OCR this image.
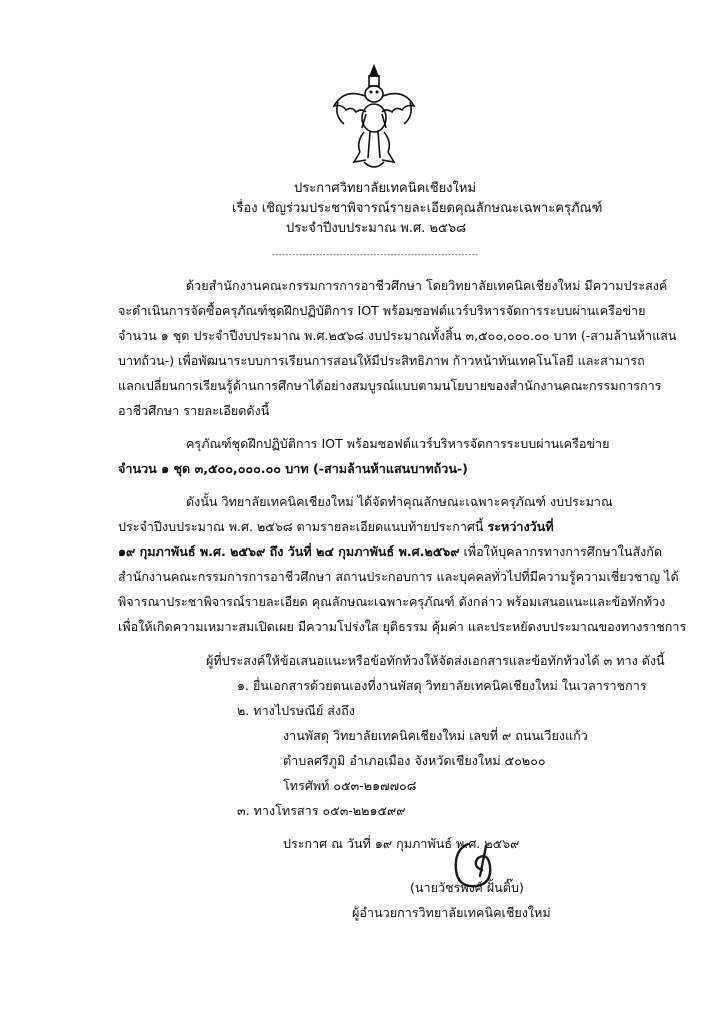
ประกาศวิทยาลัยเทคนิคเชียงใหม่
เรื่อง เชิญร่วมประชาพิจารณ์รายละเอียดคุณลักษณะเฉพาะครุภัณฑ์
ประจำปีงบประมาณ พ.ศ. ๒๕๖๘
-------------------------------------------------------------
ด้วยสำนักงานคณะกรรมการการอาชีวศึกษา โดยวิทยาลัยเทคนิคเชียงใหม่ มีความประสงค์
จะดำเนินการจัดซื้อครุภัณฑ์ชุดฝึกปฏิบัติการ IOT พร้อมซอฟต์แวร์บริหารจัดการระบบผ่านเครือข่าย
จำนวน ๑ ชุด ประจำปีงบประมาณ พ.ศ.๒๕๖๘ งบประมาณทั้งสิ้น ๓,๕๐๐,๐๐๐.๐๐ บาท (-สามล้านห้าแสน
บาทถ้วน-) เพื่อพัฒนาระบบการเรียนการสอนให้มีประสิทธิภาพ ก้าวหน้าทันเทคโนโลยี และสามารถ
แลกเปลี่ยนการเรียนรู้ด้านการศึกษาได้อย่างสมบูรณ์แบบตามนโยบายของสำนักงานคณะกรรมการการ
อาชีวศึกษา รายละเอียดดังนี้
ครุภัณฑ์ชุดฝึกปฏิบัติการ IOT พร้อมซอฟต์แวร์บริหารจัดการระบบผ่านเครือข่าย
จำนวน ๑ ชุด ๓,๕๐๐,๐๐๐.๐๐ บาท (-สามล้านห้าแสนบาทถ้วน-)
ดังนั้น วิทยาลัยเทคนิคเชียงใหม่ ได้จัดทำคุณลักษณะเฉพาะครุภัณฑ์ งบประมาณ
ประจำปีงบประมาณ พ.ศ. ๒๕๖๘ ตามรายละเอียดแนบท้ายประกาศนี้ ระหว่างวันที่
๑๙ กุมภาพันธ์ พ.ศ. ๒๕๖๙ ถึง วันที่ ๒๔ กุมภาพันธ์ พ.ศ.๒๕๖๙ เพื่อให้บุคลากรทางการศึกษาในสังกัด
สำนักงานคณะกรรมการการอาชีวศึกษา สถานประกอบการ และบุคคลทั่วไปที่มีความรู้ความเชี่ยวชาญ ได้
พิจารณาประชาพิจารณ์รายละเอียด คุณลักษณะเฉพาะครุภัณฑ์ ดังกล่าว พร้อมเสนอแนะและข้อทักท้วง
เพื่อให้เกิดความเหมาะสมเปิดเผย มีความโปร่งใส ยุติธรรม คุ้มค่า และประหยัดงบประมาณของทางราชการ
ผู้ที่ประสงค์ให้ข้อเสนอแนะหรือข้อทักท้วงให้จัดส่งเอกสารและข้อทักท้วงได้ ๓ ทาง ดังนี้
๑. ยื่นเอกสารด้วยตนเองที่งานพัสดุ วิทยาลัยเทคนิคเชียงใหม่ ในเวลาราชการ
๒. ทางไปรษณีย์ ส่งถึง
งานพัสดุ วิทยาลัยเทคนิคเชียงใหม่ เลขที่ ๙ ถนนเวียงแก้ว
ตำบลศรีภูมิ อำเภอเมือง จังหวัดเชียงใหม่ ๕๐๒๐๐
โทรศัพท์ ๐๕๓-๒๑๗๗๐๘
๓. ทางโทรสาร ๐๕๓-๒๒๑๕๙๙
ประกาศ ณ วันที่ ๑๙ กุมภาพันธ์ พ.ศ. ๒๕๖๙
(นายวัชรพงศ์ ฝั้นติ๊บ)
ผู้อำนวยการวิทยาลัยเทคนิคเชียงใหม่
